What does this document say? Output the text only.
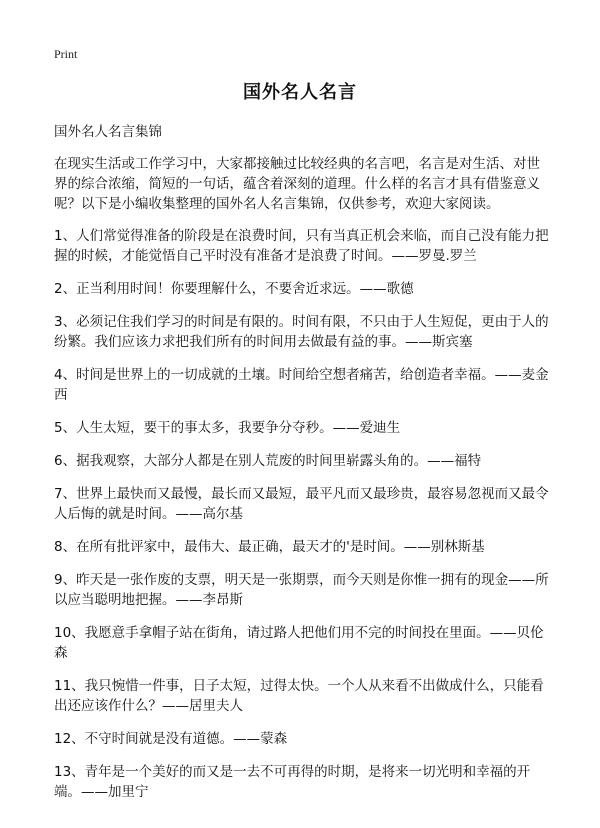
Print
国外名人名言

国外名人名言集锦

在现实生活或工作学习中，大家都接触过比较经典的名言吧，名言是对生活、对世界的综合浓缩，简短的一句话，蕴含着深刻的道理。什么样的名言才具有借鉴意义呢？以下是小编收集整理的国外名人名言集锦，仅供参考，欢迎大家阅读。

1、人们常觉得准备的阶段是在浪费时间，只有当真正机会来临，而自己没有能力把握的时候，才能觉悟自己平时没有准备才是浪费了时间。——罗曼.罗兰

2、正当利用时间！你要理解什么，不要舍近求远。——歌德

3、必须记住我们学习的时间是有限的。时间有限，不只由于人生短促，更由于人的纷繁。我们应该力求把我们所有的时间用去做最有益的事。——斯宾塞

4、时间是世界上的一切成就的土壤。时间给空想者痛苦，给创造者幸福。——麦金西

5、人生太短，要干的事太多，我要争分夺秒。——爱迪生

6、据我观察，大部分人都是在别人荒废的时间里崭露头角的。——福特

7、世界上最快而又最慢，最长而又最短，最平凡而又最珍贵，最容易忽视而又最令人后悔的就是时间。——高尔基

8、在所有批评家中，最伟大、最正确，最天才的'是时间。——别林斯基

9、昨天是一张作废的支票，明天是一张期票，而今天则是你惟一拥有的现金——所以应当聪明地把握。——李昂斯

10、我愿意手拿帽子站在街角，请过路人把他们用不完的时间投在里面。——贝伦森

11、我只惋惜一件事，日子太短，过得太快。一个人从来看不出做成什么，只能看出还应该作什么？——居里夫人

12、不守时间就是没有道德。——蒙森

13、青年是一个美好的而又是一去不可再得的时期，是将来一切光明和幸福的开端。——加里宁
